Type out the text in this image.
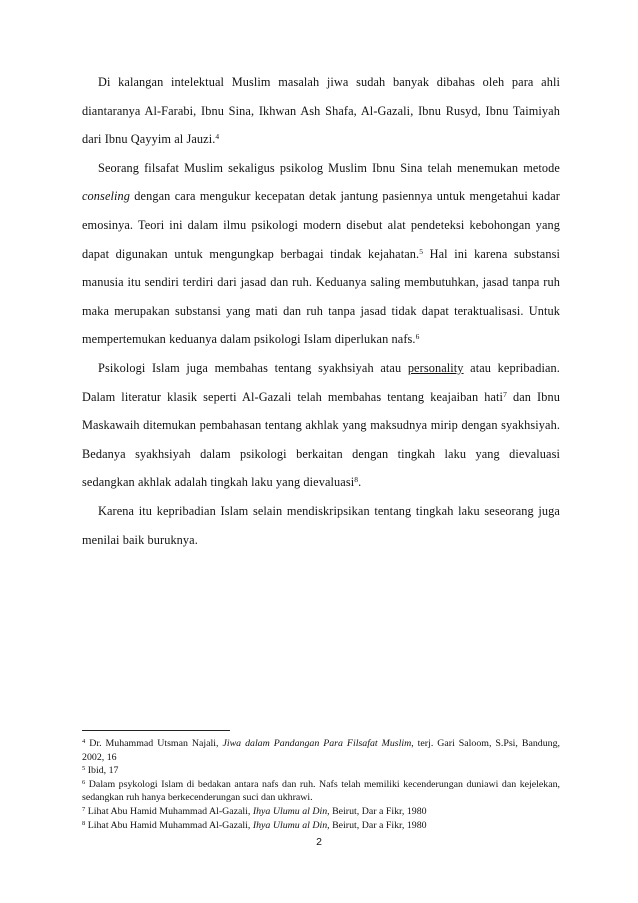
Di kalangan intelektual Muslim masalah jiwa sudah banyak dibahas oleh para ahli diantaranya Al-Farabi, Ibnu Sina, Ikhwan Ash Shafa, Al-Gazali, Ibnu Rusyd, Ibnu Taimiyah dari Ibnu Qayyim al Jauzi.$^4$

Seorang filsafat Muslim sekaligus psikolog Muslim Ibnu Sina telah menemukan metode conseling dengan cara mengukur kecepatan detak jantung pasiennya untuk mengetahui kadar emosinya. Teori ini dalam ilmu psikologi modern disebut alat pendeteksi kebohongan yang dapat digunakan untuk mengungkap berbagai tindak kejahatan.$^5$ Hal ini karena substansi manusia itu sendiri terdiri dari jasad dan ruh. Keduanya saling membutuhkan, jasad tanpa ruh maka merupakan substansi yang mati dan ruh tanpa jasad tidak dapat teraktualisasi. Untuk mempertemukan keduanya dalam psikologi Islam diperlukan nafs.$^6$

Psikologi Islam juga membahas tentang syakhsiyah atau personality atau kepribadian. Dalam literatur klasik seperti Al-Gazali telah membahas tentang keajaiban hati$^7$ dan Ibnu Maskawaih ditemukan pembahasan tentang akhlak yang maksudnya mirip dengan syakhsiyah. Bedanya syakhsiyah dalam psikologi berkaitan dengan tingkah laku yang dievaluasi sedangkan akhlak adalah tingkah laku yang dievaluasi$^8$.

Karena itu kepribadian Islam selain mendiskripsikan tentang tingkah laku seseorang juga menilai baik buruknya.

$^4$ Dr. Muhammad Utsman Najali, Jiwa dalam Pandangan Para Filsafat Muslim, terj. Gari Saloom, S.Psi, Bandung, 2002, 16

$^5$ Ibid, 17

$^6$ Dalam psykologi Islam di bedakan antara nafs dan ruh. Nafs telah memiliki kecenderungan duniawi dan kejelekan, sedangkan ruh hanya berkecenderungan suci dan ukhrawi.

$^7$ Lihat Abu Hamid Muhammad Al-Gazali, Ihya Ulumu al Din, Beirut, Dar a Fikr, 1980

$^8$ Lihat Abu Hamid Muhammad Al-Gazali, Ihya Ulumu al Din, Beirut, Dar a Fikr, 1980

2
